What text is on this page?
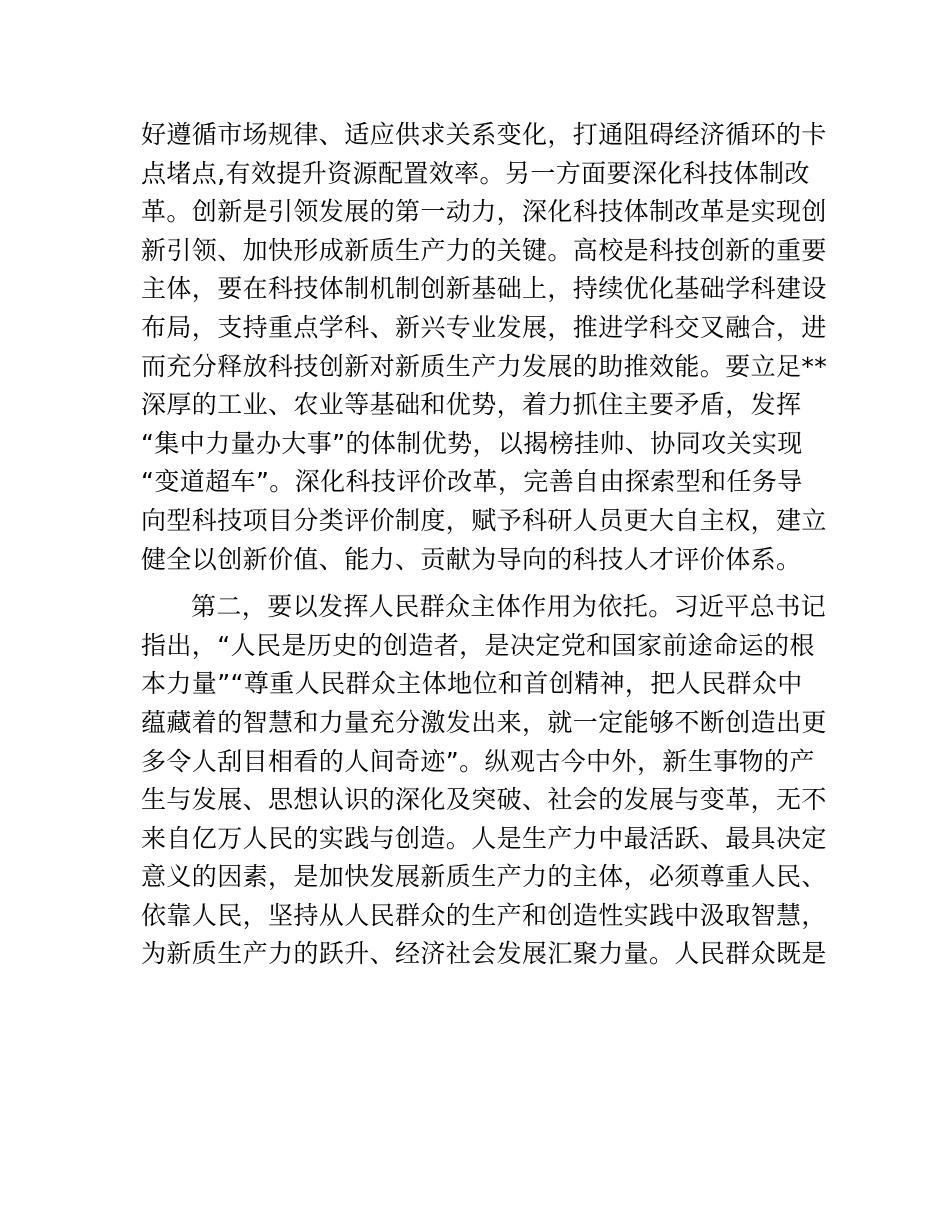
好遵循市场规律、适应供求关系变化，打通阻碍经济循环的卡
点堵点,有效提升资源配置效率。另一方面要深化科技体制改
革。创新是引领发展的第一动力，深化科技体制改革是实现创
新引领、加快形成新质生产力的关键。高校是科技创新的重要
主体，要在科技体制机制创新基础上，持续优化基础学科建设
布局，支持重点学科、新兴专业发展，推进学科交叉融合，进
而充分释放科技创新对新质生产力发展的助推效能。要立足**
深厚的工业、农业等基础和优势，着力抓住主要矛盾，发挥
“集中力量办大事”的体制优势，以揭榜挂帅、协同攻关实现
“变道超车”。深化科技评价改革，完善自由探索型和任务导
向型科技项目分类评价制度，赋予科研人员更大自主权，建立
健全以创新价值、能力、贡献为导向的科技人才评价体系。
第二，要以发挥人民群众主体作用为依托。习近平总书记
指出，“人民是历史的创造者，是决定党和国家前途命运的根
本力量”“尊重人民群众主体地位和首创精神，把人民群众中
蕴藏着的智慧和力量充分激发出来，就一定能够不断创造出更
多令人刮目相看的人间奇迹”。纵观古今中外，新生事物的产
生与发展、思想认识的深化及突破、社会的发展与变革，无不
来自亿万人民的实践与创造。人是生产力中最活跃、最具决定
意义的因素，是加快发展新质生产力的主体，必须尊重人民、
依靠人民，坚持从人民群众的生产和创造性实践中汲取智慧，
为新质生产力的跃升、经济社会发展汇聚力量。人民群众既是
